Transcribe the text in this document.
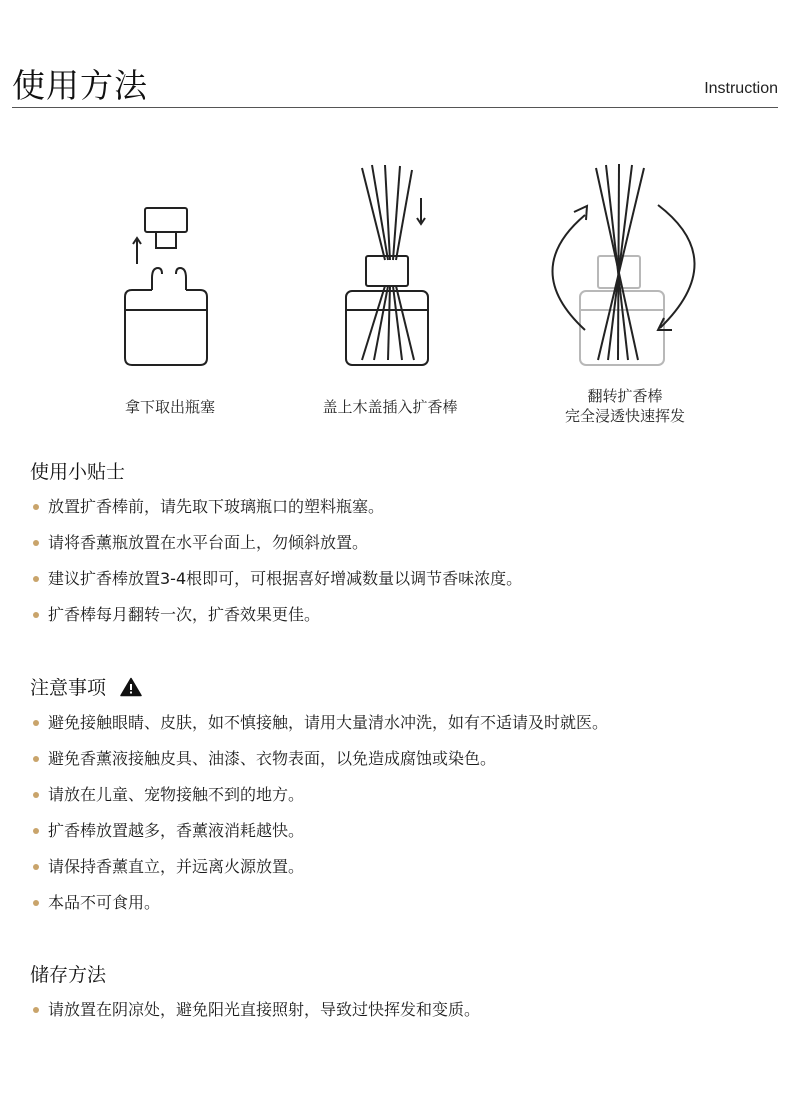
使用方法	Instruction
拿下取出瓶塞	盖上木盖插入扩香棒
翻转扩香棒
完全浸透快速挥发
使用小贴士
放置扩香棒前，请先取下玻璃瓶口的塑料瓶塞。
请将香薰瓶放置在水平台面上，勿倾斜放置。
建议扩香棒放置3-4根即可，可根据喜好增减数量以调节香味浓度。
扩香棒每月翻转一次，扩香效果更佳。
注意事项
避免接触眼睛、皮肤，如不慎接触，请用大量清水冲洗，如有不适请及时就医。
避免香薰液接触皮具、油漆、衣物表面，以免造成腐蚀或染色。
请放在儿童、宠物接触不到的地方。
扩香棒放置越多，香薰液消耗越快。
请保持香薰直立，并远离火源放置。
本品不可食用。
储存方法
请放置在阴凉处，避免阳光直接照射，导致过快挥发和变质。
